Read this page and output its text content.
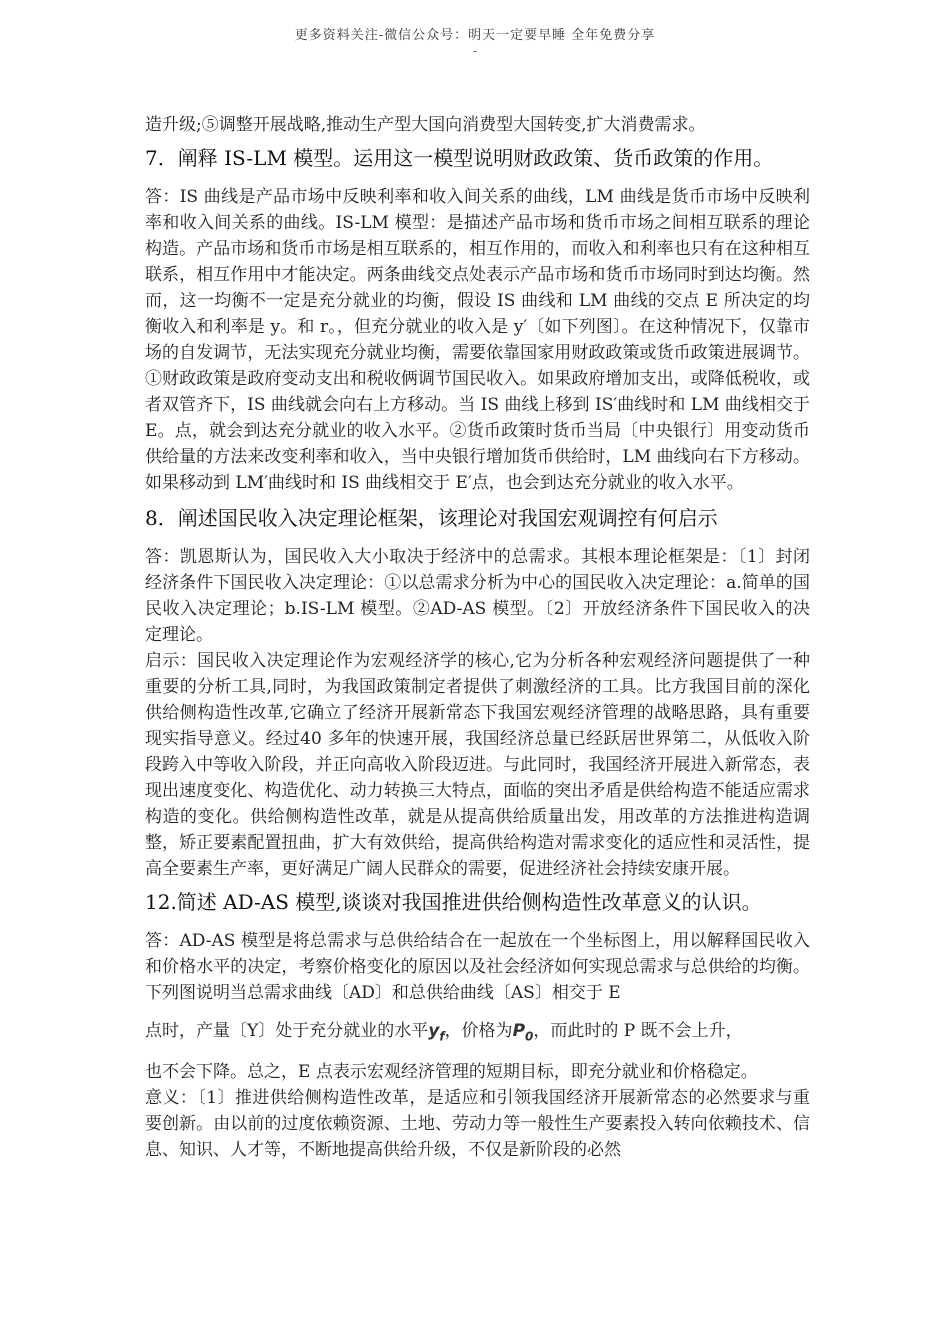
更多资料关注-微信公众号：明天一定要早睡 全年免费分享
-

造升级;⑤调整开展战略,推动生产型大国向消费型大国转变,扩大消费需求。

7．阐释 IS-LM 模型。运用这一模型说明财政政策、货币政策的作用。

答：IS 曲线是产品市场中反映利率和收入间关系的曲线，LM 曲线是货币市场中反映利率和收入间关系的曲线。IS-LM 模型：是描述产品市场和货币市场之间相互联系的理论构造。产品市场和货币市场是相互联系的，相互作用的，而收入和利率也只有在这种相互联系，相互作用中才能决定。两条曲线交点处表示产品市场和货币市场同时到达均衡。然而，这一均衡不一定是充分就业的均衡，假设 IS 曲线和 LM 曲线的交点 E 所决定的均衡收入和利率是 y。和 r。，但充分就业的收入是 y′〔如下列图〕。在这种情况下，仅靠市场的自发调节，无法实现充分就业均衡，需要依靠国家用财政政策或货币政策进展调节。①财政政策是政府变动支出和税收俩调节国民收入。如果政府增加支出，或降低税收，或者双管齐下，IS 曲线就会向右上方移动。当 IS 曲线上移到 IS′曲线时和 LM 曲线相交于 E。点，就会到达充分就业的收入水平。②货币政策时货币当局〔中央银行〕用变动货币供给量的方法来改变利率和收入，当中央银行增加货币供给时，LM 曲线向右下方移动。如果移动到 LM′曲线时和 IS 曲线相交于 E′点，也会到达充分就业的收入水平。

8．阐述国民收入决定理论框架，该理论对我国宏观调控有何启示

答：凯恩斯认为，国民收入大小取决于经济中的总需求。其根本理论框架是：〔1〕封闭经济条件下国民收入决定理论：①以总需求分析为中心的国民收入决定理论：a.简单的国民收入决定理论；b.IS-LM 模型。②AD-AS 模型。〔2〕开放经济条件下国民收入的决定理论。

启示：国民收入决定理论作为宏观经济学的核心,它为分析各种宏观经济问题提供了一种重要的分析工具,同时，为我国政策制定者提供了刺激经济的工具。比方我国目前的深化供给侧构造性改革,它确立了经济开展新常态下我国宏观经济管理的战略思路，具有重要现实指导意义。经过40 多年的快速开展，我国经济总量已经跃居世界第二，从低收入阶段跨入中等收入阶段，并正向高收入阶段迈进。与此同时，我国经济开展进入新常态，表现出速度变化、构造优化、动力转换三大特点，面临的突出矛盾是供给构造不能适应需求构造的变化。供给侧构造性改革，就是从提高供给质量出发，用改革的方法推进构造调整，矫正要素配置扭曲，扩大有效供给，提高供给构造对需求变化的适应性和灵活性，提高全要素生产率，更好满足广阔人民群众的需要，促进经济社会持续安康开展。

12.简述 AD-AS 模型,谈谈对我国推进供给侧构造性改革意义的认识。

答：AD-AS 模型是将总需求与总供给结合在一起放在一个坐标图上，用以解释国民收入和价格水平的决定，考察价格变化的原因以及社会经济如何实现总需求与总供给的均衡。下列图说明当总需求曲线〔AD〕和总供给曲线〔AS〕相交于 E

点时，产量〔Y〕处于充分就业的水平$y_f$，价格为$P_0$，而此时的 P 既不会上升，

也不会下降。总之，E 点表示宏观经济管理的短期目标，即充分就业和价格稳定。

意义：〔1〕推进供给侧构造性改革，是适应和引领我国经济开展新常态的必然要求与重要创新。由以前的过度依赖资源、土地、劳动力等一般性生产要素投入转向依赖技术、信息、知识、人才等，不断地提高供给升级，不仅是新阶段的必然
